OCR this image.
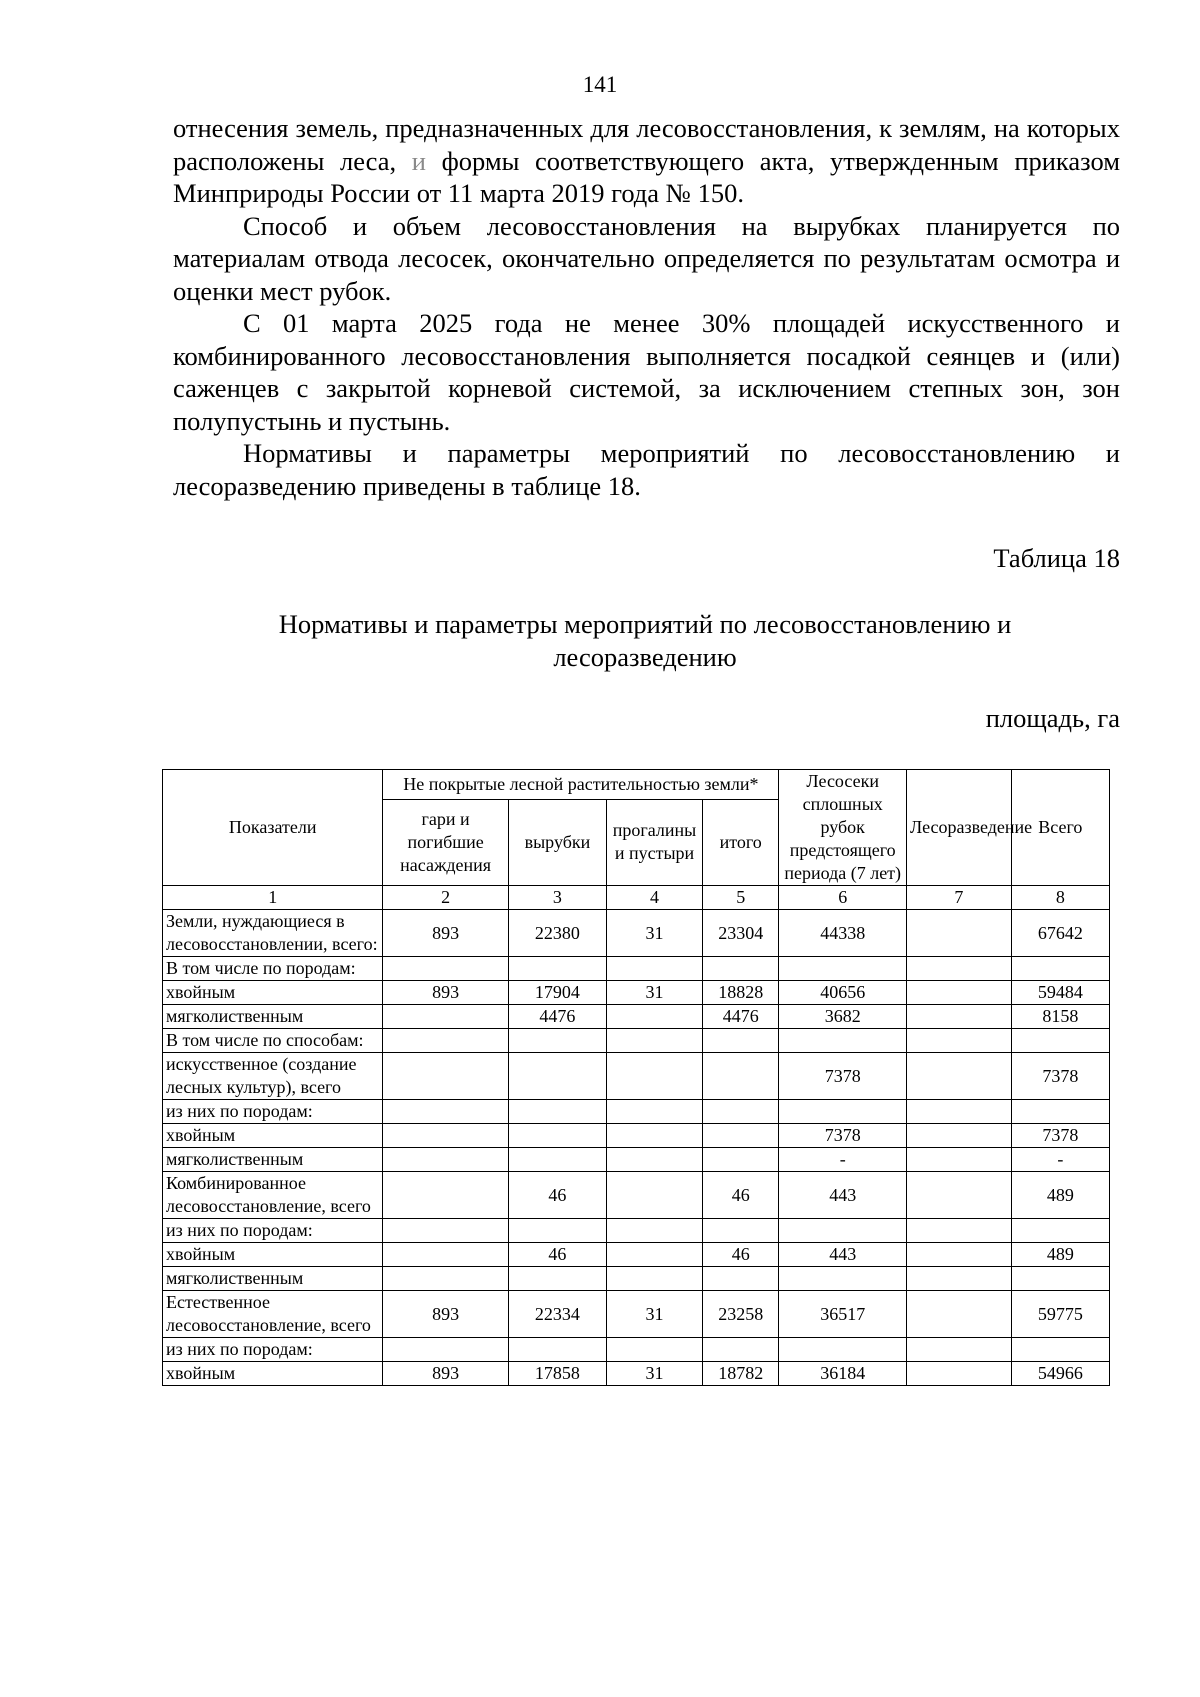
141

отнесения земель, предназначенных для лесовосстановления, к землям, на которых расположены леса, и формы соответствующего акта, утвержденным приказом Минприроды России от 11 марта 2019 года № 150.

Способ и объем лесовосстановления на вырубках планируется по материалам отвода лесосек, окончательно определяется по результатам осмотра и оценки мест рубок.

С 01 марта 2025 года не менее 30% площадей искусственного и комбинированного лесовосстановления выполняется посадкой сеянцев и (или) саженцев с закрытой корневой системой, за исключением степных зон, зон полупустынь и пустынь.

Нормативы и параметры мероприятий по лесовосстановлению и лесоразведению приведены в таблице 18.

Таблица 18
Нормативы и параметры мероприятий по лесовосстановлению и
лесоразведению
площадь, га
Показатели	Не покрытые лесной растительностью земли*				Лесосеки сплошных рубок предстоящего периода (7 лет)	Лесоразведение	Всего
	гари и погибшие насаждения	вырубки	прогалины и пустыри	итого			
1	2	3	4	5	6	7	8
Земли, нуждающиеся в лесовосстановлении, всего:	893	22380	31	23304	44338		67642
В том числе по породам:							
хвойным	893	17904	31	18828	40656		59484
мягколиственным		4476		4476	3682		8158
В том числе по способам:							
искусственное (создание лесных культур), всего					7378		7378
из них по породам:							
хвойным					7378		7378
мягколиственным					-		-
Комбинированное лесовосстановление, всего		46		46	443		489
из них по породам:							
хвойным		46		46	443		489
мягколиственным							
Естественное лесовосстановление, всего	893	22334	31	23258	36517		59775
из них по породам:							
хвойным	893	17858	31	18782	36184		54966
